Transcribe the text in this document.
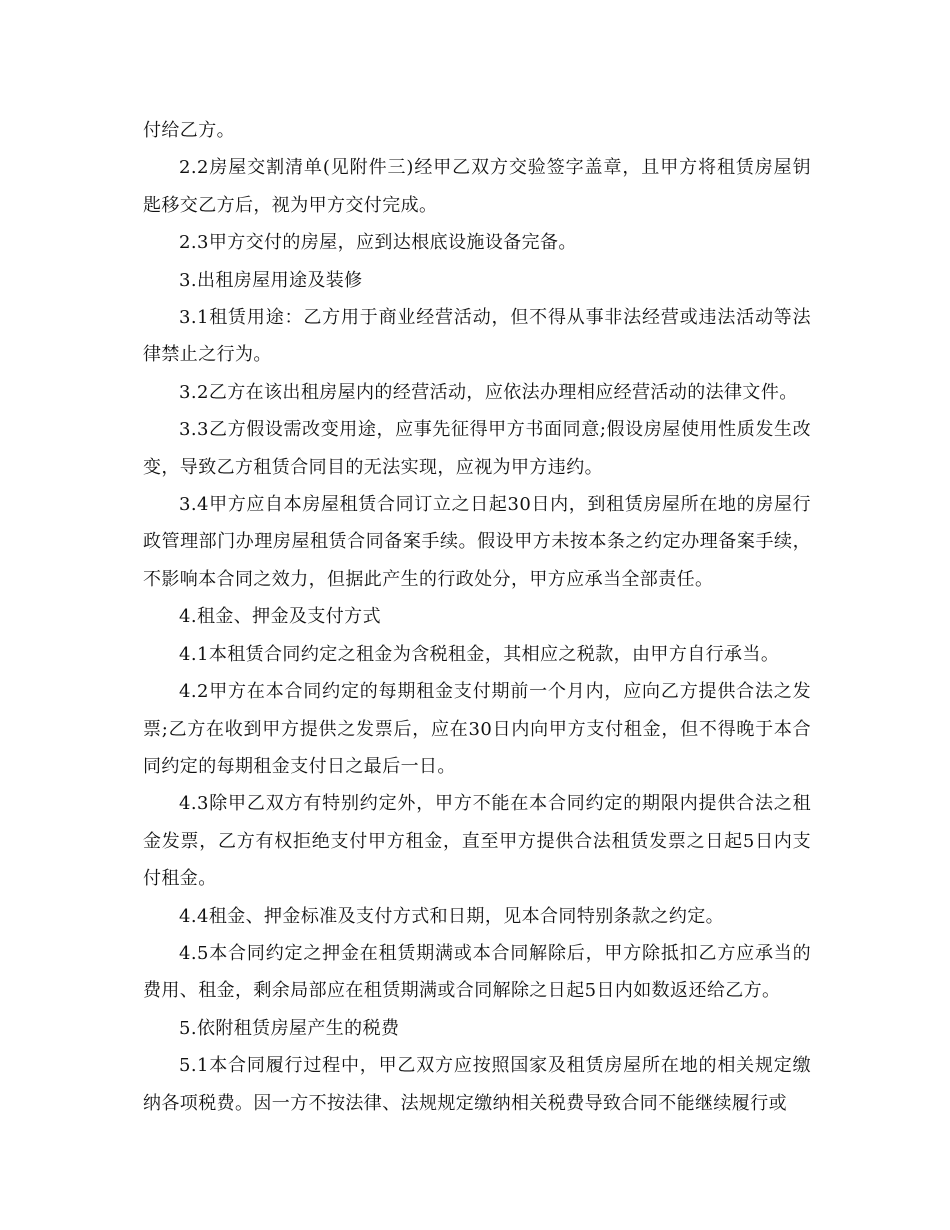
付给乙方。

2.2房屋交割清单(见附件三)经甲乙双方交验签字盖章，且甲方将租赁房屋钥匙移交乙方后，视为甲方交付完成。

2.3甲方交付的房屋，应到达根底设施设备完备。

3.出租房屋用途及装修

3.1租赁用途：乙方用于商业经营活动，但不得从事非法经营或违法活动等法律禁止之行为。

3.2乙方在该出租房屋内的经营活动，应依法办理相应经营活动的法律文件。

3.3乙方假设需改变用途，应事先征得甲方书面同意;假设房屋使用性质发生改变，导致乙方租赁合同目的无法实现，应视为甲方违约。

3.4甲方应自本房屋租赁合同订立之日起30日内，到租赁房屋所在地的房屋行政管理部门办理房屋租赁合同备案手续。假设甲方未按本条之约定办理备案手续，不影响本合同之效力，但据此产生的行政处分，甲方应承当全部责任。

4.租金、押金及支付方式

4.1本租赁合同约定之租金为含税租金，其相应之税款，由甲方自行承当。

4.2甲方在本合同约定的每期租金支付期前一个月内，应向乙方提供合法之发票;乙方在收到甲方提供之发票后，应在30日内向甲方支付租金，但不得晚于本合同约定的每期租金支付日之最后一日。

4.3除甲乙双方有特别约定外，甲方不能在本合同约定的期限内提供合法之租金发票，乙方有权拒绝支付甲方租金，直至甲方提供合法租赁发票之日起5日内支付租金。

4.4租金、押金标准及支付方式和日期，见本合同特别条款之约定。

4.5本合同约定之押金在租赁期满或本合同解除后，甲方除抵扣乙方应承当的费用、租金，剩余局部应在租赁期满或合同解除之日起5日内如数返还给乙方。

5.依附租赁房屋产生的税费

5.1本合同履行过程中，甲乙双方应按照国家及租赁房屋所在地的相关规定缴纳各项税费。因一方不按法律、法规规定缴纳相关税费导致合同不能继续履行或
